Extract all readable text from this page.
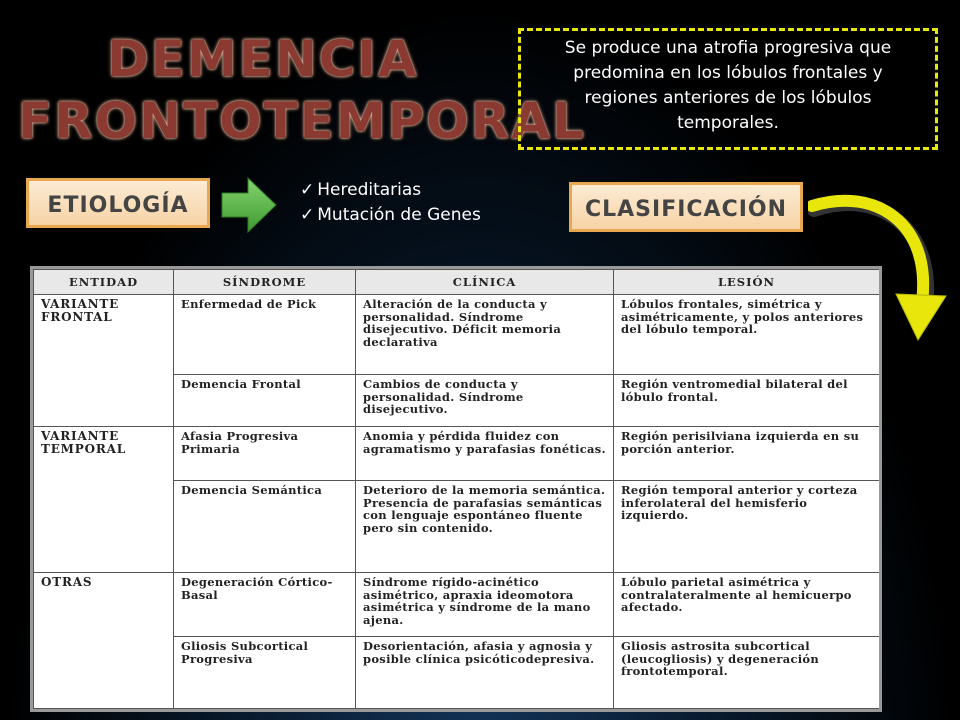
DEMENCIA
FRONTOTEMPORAL
Se produce una atrofia progresiva que predomina en los lóbulos frontales y regiones anteriores de los lóbulos temporales.
ETIOLOGÍA
✓ Hereditarias
✓ Mutación de Genes	CLASIFICACIÓN
ENTIDAD	SÍNDROME	CLÍNICA	LESIÓN
VARIANTE FRONTAL	Enfermedad de Pick	Alteración de la conducta y personalidad. Síndrome disejecutivo. Déficit memoria declarativa	Lóbulos frontales, simétrica y asimétricamente, y polos anteriores del lóbulo temporal.
	Demencia Frontal	Cambios de conducta y personalidad. Síndrome disejecutivo.	Región ventromedial bilateral del lóbulo frontal.
VARIANTE TEMPORAL	Afasia Progresiva Primaria	Anomia y pérdida fluidez con agramatismo y parafasias fonéticas.	Región perisilviana izquierda en su porción anterior.
	Demencia Semántica	Deterioro de la memoria semántica. Presencia de parafasias semánticas con lenguaje espontáneo fluente pero sin contenido.	Región temporal anterior y corteza inferolateral del hemisferio izquierdo.
OTRAS	Degeneración Córtico-Basal	Síndrome rígido-acinético asimétrico, apraxia ideomotora asimétrica y síndrome de la mano ajena.	Lóbulo parietal asimétrica y contralateralmente al hemicuerpo afectado.
	Gliosis Subcortical Progresiva	Desorientación, afasia y agnosia y posible clínica psicóticodepresiva.	Gliosis astrosita subcortical (leucogliosis) y degeneración frontotemporal.
